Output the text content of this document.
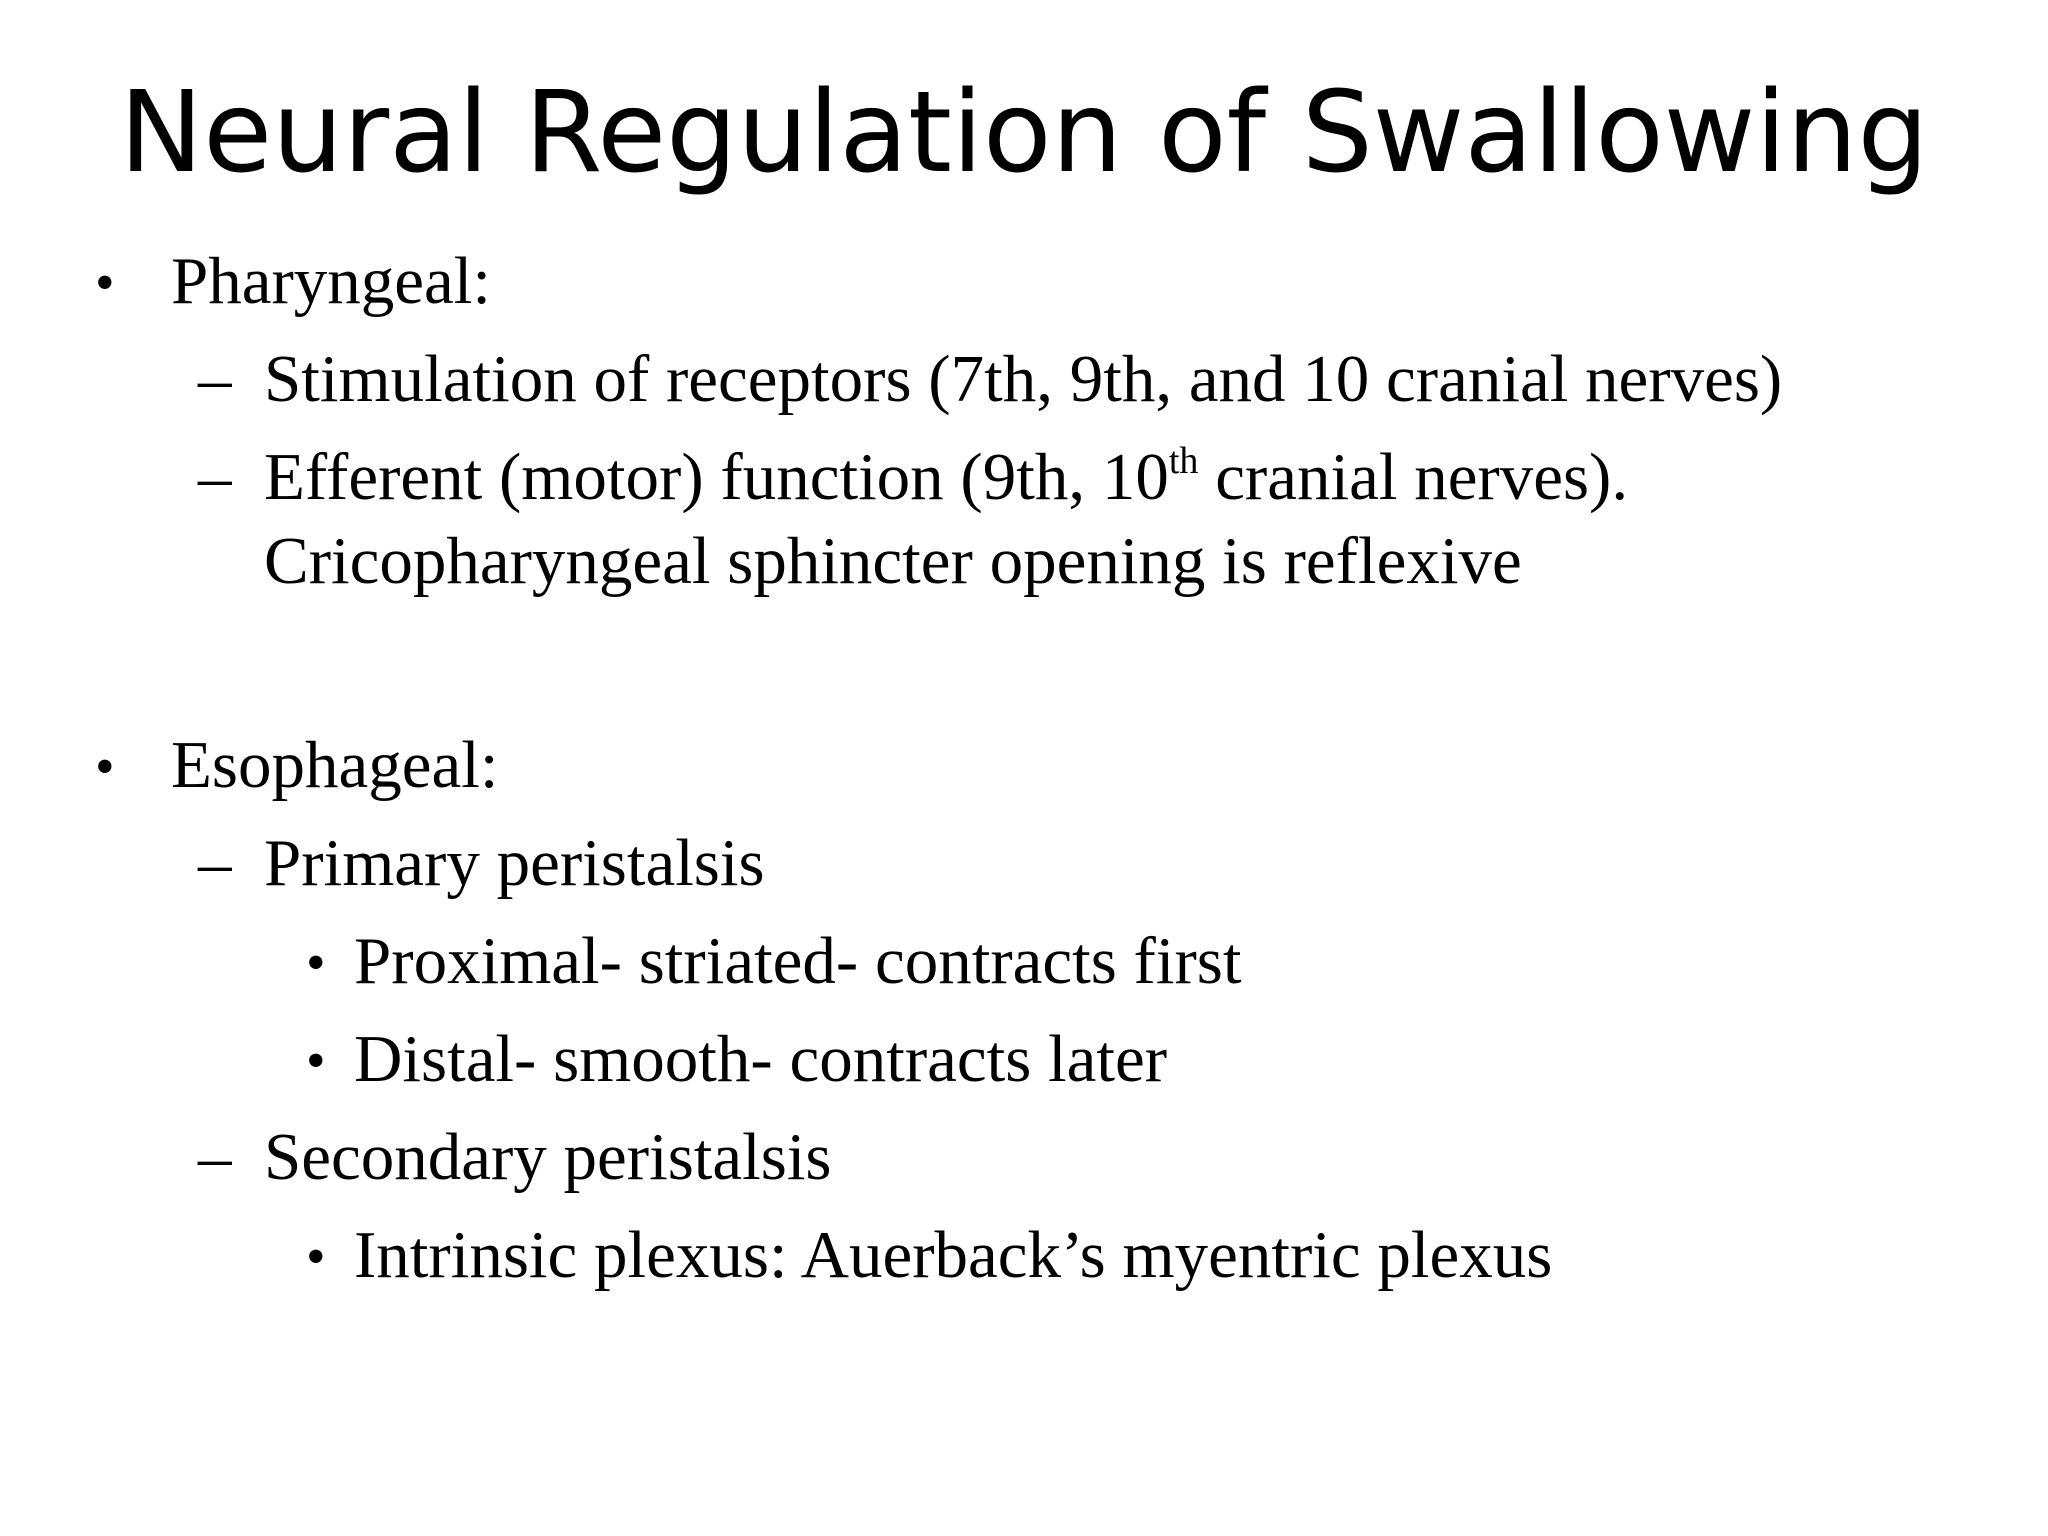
Neural Regulation of Swallowing
• Pharyngeal:
– Stimulation of receptors (7th, 9th, and 10 cranial nerves)
– Efferent (motor) function (9th, 10th cranial nerves).
Cricopharyngeal sphincter opening is reflexive
• Esophageal:
– Primary peristalsis
• Proximal- striated- contracts first
• Distal- smooth- contracts later
– Secondary peristalsis
• Intrinsic plexus: Auerback’s myentric plexus
